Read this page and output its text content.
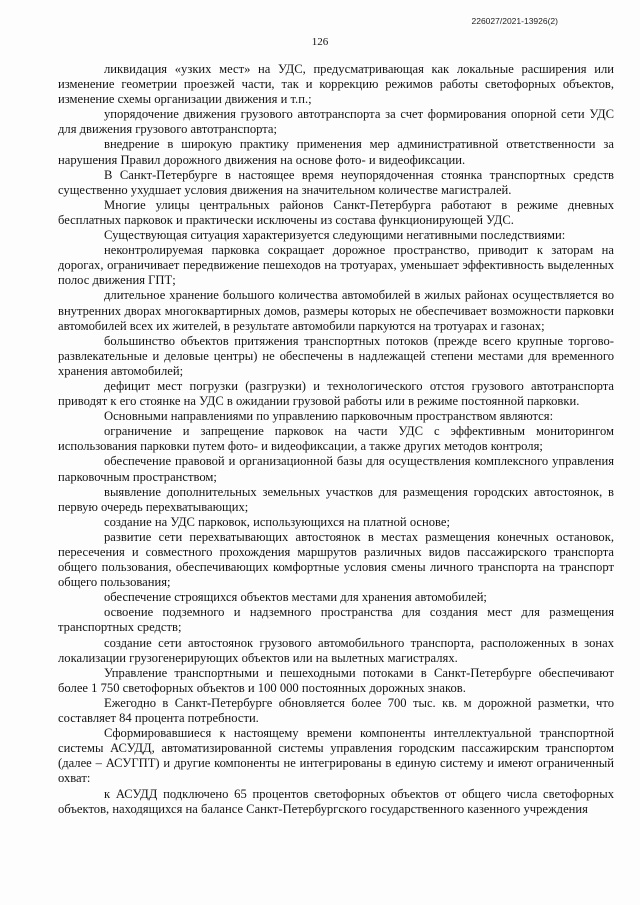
226027/2021-13926(2)
126

ликвидация «узких мест» на УДС, предусматривающая как локальные расширения или изменение геометрии проезжей части, так и коррекцию режимов работы светофорных объектов, изменение схемы организации движения и т.п.;

упорядочение движения грузового автотранспорта за счет формирования опорной сети УДС для движения грузового автотранспорта;

внедрение в широкую практику применения мер административной ответственности за нарушения Правил дорожного движения на основе фото- и видеофиксации.

В Санкт-Петербурге в настоящее время неупорядоченная стоянка транспортных средств существенно ухудшает условия движения на значительном количестве магистралей.

Многие улицы центральных районов Санкт-Петербурга работают в режиме дневных бесплатных парковок и практически исключены из состава функционирующей УДС.

Существующая ситуация характеризуется следующими негативными последствиями:

неконтролируемая парковка сокращает дорожное пространство, приводит к заторам на дорогах, ограничивает передвижение пешеходов на тротуарах, уменьшает эффективность выделенных полос движения ГПТ;

длительное хранение большого количества автомобилей в жилых районах осуществляется во внутренних дворах многоквартирных домов, размеры которых не обеспечивает возможности парковки автомобилей всех их жителей, в результате автомобили паркуются на тротуарах и газонах;

большинство объектов притяжения транспортных потоков (прежде всего крупные торгово-развлекательные и деловые центры) не обеспечены в надлежащей степени местами для временного хранения автомобилей;

дефицит мест погрузки (разгрузки) и технологического отстоя грузового автотранспорта приводят к его стоянке на УДС в ожидании грузовой работы или в режиме постоянной парковки.

Основными направлениями по управлению парковочным пространством являются:

ограничение и запрещение парковок на части УДС с эффективным мониторингом использования парковки путем фото- и видеофиксации, а также других методов контроля;

обеспечение правовой и организационной базы для осуществления комплексного управления парковочным пространством;

выявление дополнительных земельных участков для размещения городских автостоянок, в первую очередь перехватывающих;

создание на УДС парковок, использующихся на платной основе;

развитие сети перехватывающих автостоянок в местах размещения конечных остановок, пересечения и совместного прохождения маршрутов различных видов пассажирского транспорта общего пользования, обеспечивающих комфортные условия смены личного транспорта на транспорт общего пользования;

обеспечение строящихся объектов местами для хранения автомобилей;

освоение подземного и надземного пространства для создания мест для размещения транспортных средств;

создание сети автостоянок грузового автомобильного транспорта, расположенных в зонах локализации грузогенерирующих объектов или на вылетных магистралях.

Управление транспортными и пешеходными потоками в Санкт-Петербурге обеспечивают более 1 750 светофорных объектов и 100 000 постоянных дорожных знаков.

Ежегодно в Санкт-Петербурге обновляется более 700 тыс. кв. м дорожной разметки, что составляет 84 процента потребности.

Сформировавшиеся к настоящему времени компоненты интеллектуальной транспортной системы АСУДД, автоматизированной системы управления городским пассажирским транспортом (далее – АСУГПТ) и другие компоненты не интегрированы в единую систему и имеют ограниченный охват:

к АСУДД подключено 65 процентов светофорных объектов от общего числа светофорных объектов, находящихся на балансе Санкт-Петербургского государственного казенного учреждения
